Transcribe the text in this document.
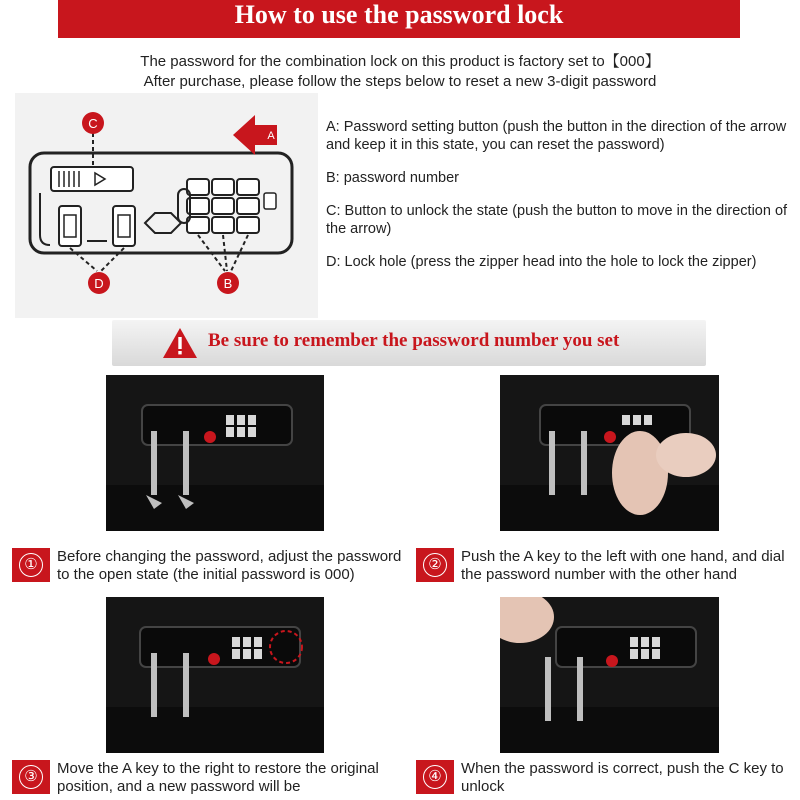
How to use the password lock
The password for the combination lock on this product is factory set to【000】
After purchase, please follow the steps below to reset a new 3-digit password
C
A
D	B

A: Password setting button (push the button in the direction of the arrow and keep it in this state, you can reset the password)

B: password number

C: Button to unlock the state (push the button to move in the direction of the arrow)

D: Lock hole (press the zipper head into the hole to lock the zipper)

Be sure to remember the password number you set
①	Before changing the password, adjust the password to the open state (the initial password is 000)
②	Push the A key to the left with one hand, and dial the password number with the other hand
③	Move the A key to the right to restore the original position, and a new password will be
④	When the password is correct, push the C key to unlock
